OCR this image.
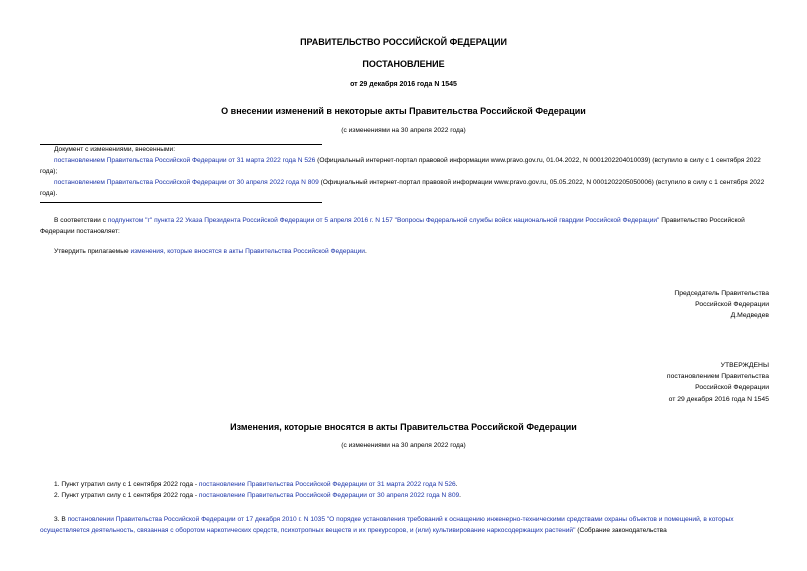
ПРАВИТЕЛЬСТВО РОССИЙСКОЙ ФЕДЕРАЦИИ
ПОСТАНОВЛЕНИЕ
от 29 декабря 2016 года N 1545
О внесении изменений в некоторые акты Правительства Российской Федерации
(с изменениями на 30 апреля 2022 года)
Документ с изменениями, внесенными:
постановлением Правительства Российской Федерации от 31 марта 2022 года N 526 (Официальный интернет-портал правовой информации www.pravo.gov.ru, 01.04.2022, N 0001202204010039) (вступило в силу с 1 сентября 2022 года);
постановлением Правительства Российской Федерации от 30 апреля 2022 года N 809 (Официальный интернет-портал правовой информации www.pravo.gov.ru, 05.05.2022, N 0001202205050006) (вступило в силу с 1 сентября 2022 года).
В соответствии с подпунктом "г" пункта 22 Указа Президента Российской Федерации от 5 апреля 2016 г. N 157 "Вопросы Федеральной службы войск национальной гвардии Российской Федерации" Правительство Российской Федерации постановляет:
Утвердить прилагаемые изменения, которые вносятся в акты Правительства Российской Федерации.
Председатель Правительства
Российской Федерации
Д.Медведев
УТВЕРЖДЕНЫ
постановлением Правительства
Российской Федерации
от 29 декабря 2016 года N 1545
Изменения, которые вносятся в акты Правительства Российской Федерации
(с изменениями на 30 апреля 2022 года)
1. Пункт утратил силу с 1 сентября 2022 года - постановление Правительства Российской Федерации от 31 марта 2022 года N 526.
2. Пункт утратил силу с 1 сентября 2022 года - постановление Правительства Российской Федерации от 30 апреля 2022 года N 809.
3. В постановлении Правительства Российской Федерации от 17 декабря 2010 г. N 1035 "О порядке установления требований к оснащению инженерно-техническими средствами охраны объектов и помещений, в которых осуществляется деятельность, связанная с оборотом наркотических средств, психотропных веществ и их прекурсоров, и (или) культивирование наркосодержащих растений" (Собрание законодательства
